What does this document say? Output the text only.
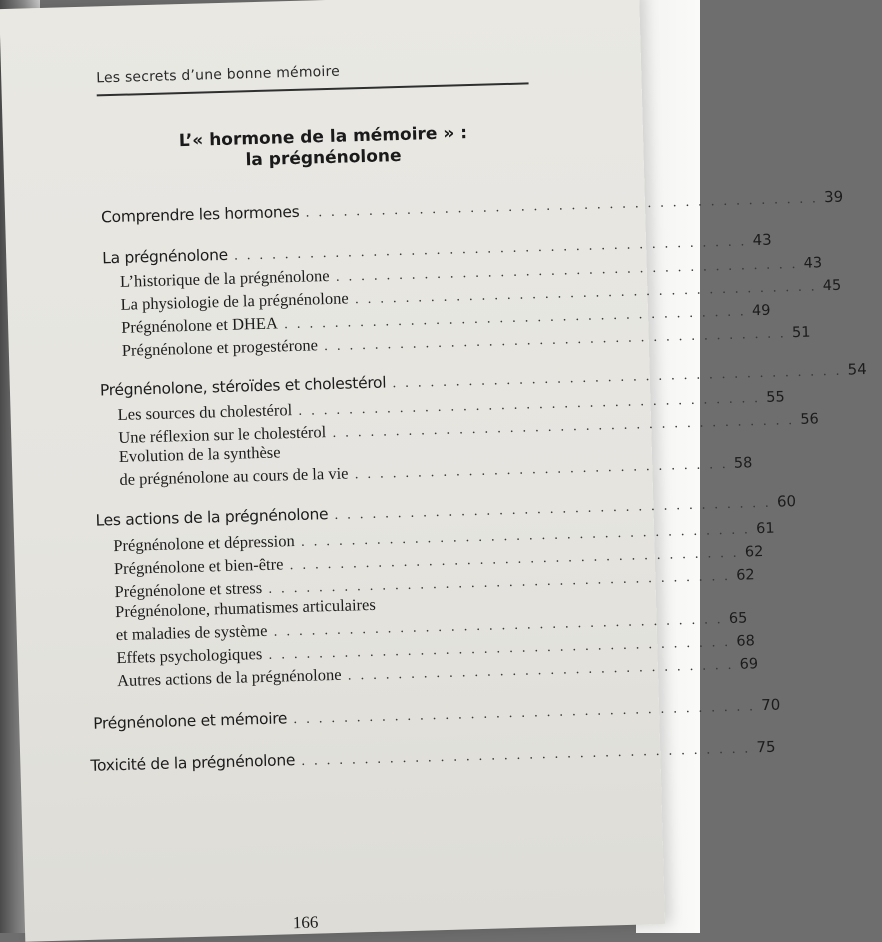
Les secrets d’une bonne mémoire
L’« hormone de la mémoire » :
la prégnénolone
Comprendre les hormones . . . . . . . . . . . . . . . . . . . . . . . . . . . . . . . . . . . . . . . . . 39
La prégnénolone . . . . . . . . . . . . . . . . . . . . . . . . . . . . . . . . . . . . . . . . . 43
L’historique de la prégnénolone . . . . . . . . . . . . . . . . . . . . . . . . . . . . . . . . . . . . . 43
La physiologie de la prégnénolone . . . . . . . . . . . . . . . . . . . . . . . . . . . . . . . . . . . . . 45
Prégnénolone et DHEA . . . . . . . . . . . . . . . . . . . . . . . . . . . . . . . . . . . . . 49
Prégnénolone et progestérone . . . . . . . . . . . . . . . . . . . . . . . . . . . . . . . . . . . . . 51
Prégnénolone, stéroïdes et cholestérol . . . . . . . . . . . . . . . . . . . . . . . . . . . . . . . . . . . . 54
Les sources du cholestérol . . . . . . . . . . . . . . . . . . . . . . . . . . . . . . . . . . . . . 55
Une réflexion sur le cholestérol . . . . . . . . . . . . . . . . . . . . . . . . . . . . . . . . . . . . . 56
Evolution de la synthèse
de prégnénolone au cours de la vie . . . . . . . . . . . . . . . . . . . . . . . . . . . . . . 58
Les actions de la prégnénolone . . . . . . . . . . . . . . . . . . . . . . . . . . . . . . . . . . . 60
Prégnénolone et dépression . . . . . . . . . . . . . . . . . . . . . . . . . . . . . . . . . . . . 61
Prégnénolone et bien-être . . . . . . . . . . . . . . . . . . . . . . . . . . . . . . . . . . . . 62
Prégnénolone et stress . . . . . . . . . . . . . . . . . . . . . . . . . . . . . . . . . . . . . 62
Prégnénolone, rhumatismes articulaires
et maladies de système . . . . . . . . . . . . . . . . . . . . . . . . . . . . . . . . . . . . 65
Effets psychologiques . . . . . . . . . . . . . . . . . . . . . . . . . . . . . . . . . . . . . 68
Autres actions de la prégnénolone . . . . . . . . . . . . . . . . . . . . . . . . . . . . . . . 69
Prégnénolone et mémoire . . . . . . . . . . . . . . . . . . . . . . . . . . . . . . . . . . . . . 70
Toxicité de la prégnénolone . . . . . . . . . . . . . . . . . . . . . . . . . . . . . . . . . . . . 75
166
